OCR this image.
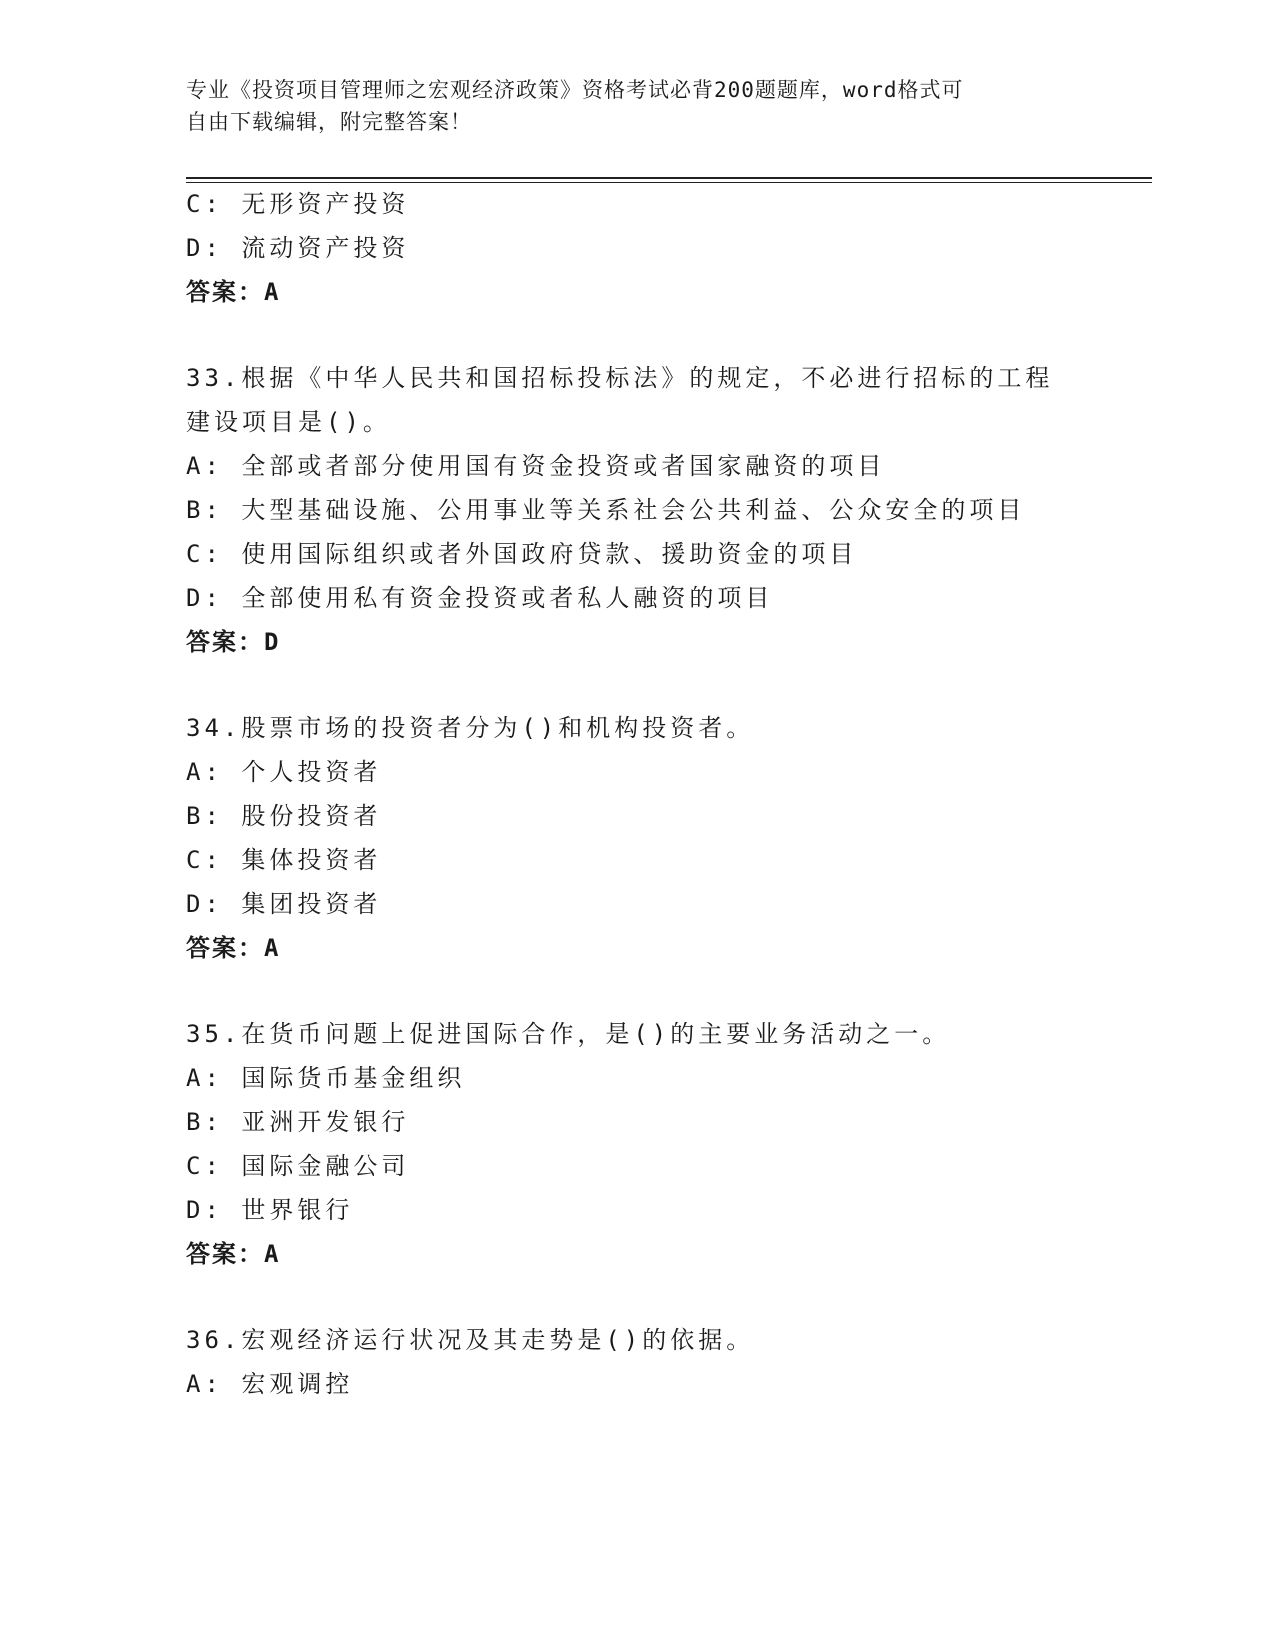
专业《投资项目管理师之宏观经济政策》资格考试必背200题题库，word格式可
自由下载编辑，附完整答案！
C: 无形资产投资
D: 流动资产投资
答案：A
33.根据《中华人民共和国招标投标法》的规定，不必进行招标的工程
建设项目是()。
A: 全部或者部分使用国有资金投资或者国家融资的项目
B: 大型基础设施、公用事业等关系社会公共利益、公众安全的项目
C: 使用国际组织或者外国政府贷款、援助资金的项目
D: 全部使用私有资金投资或者私人融资的项目
答案：D
34.股票市场的投资者分为()和机构投资者。
A: 个人投资者
B: 股份投资者
C: 集体投资者
D: 集团投资者
答案：A
35.在货币问题上促进国际合作，是()的主要业务活动之一。
A: 国际货币基金组织
B: 亚洲开发银行
C: 国际金融公司
D: 世界银行
答案：A
36.宏观经济运行状况及其走势是()的依据。
A: 宏观调控
